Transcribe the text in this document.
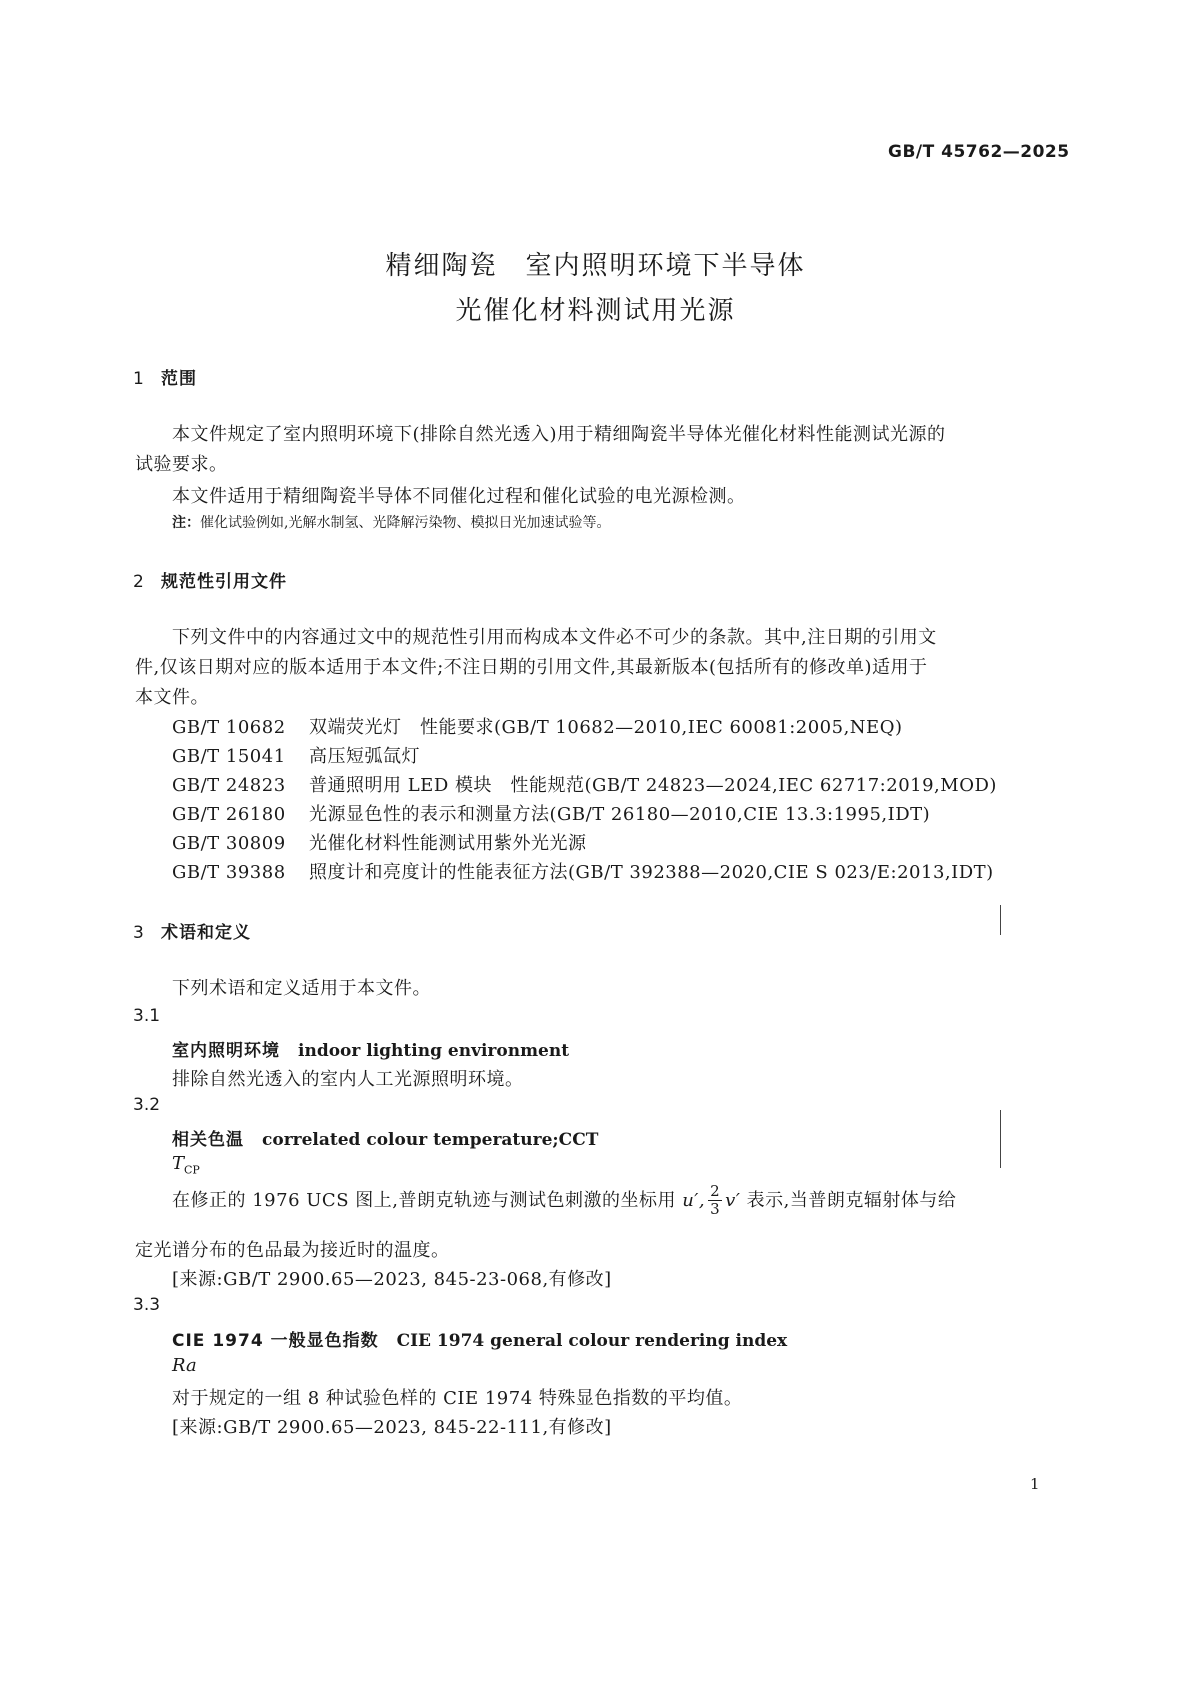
GB/T 45762—2025
精细陶瓷　室内照明环境下半导体
光催化材料测试用光源
1 范围
本文件规定了室内照明环境下(排除自然光透入)用于精细陶瓷半导体光催化材料性能测试光源的
试验要求。
本文件适用于精细陶瓷半导体不同催化过程和催化试验的电光源检测。
注：催化试验例如,光解水制氢、光降解污染物、模拟日光加速试验等。
2 规范性引用文件
下列文件中的内容通过文中的规范性引用而构成本文件必不可少的条款。其中,注日期的引用文
件,仅该日期对应的版本适用于本文件;不注日期的引用文件,其最新版本(包括所有的修改单)适用于
本文件。
GB/T 10682 双端荧光灯　性能要求(GB/T 10682—2010,IEC 60081:2005,NEQ)
GB/T 15041 高压短弧氙灯
GB/T 24823 普通照明用 LED 模块　性能规范(GB/T 24823—2024,IEC 62717:2019,MOD)
GB/T 26180 光源显色性的表示和测量方法(GB/T 26180—2010,CIE 13.3:1995,IDT)
GB/T 30809 光催化材料性能测试用紫外光光源
GB/T 39388 照度计和亮度计的性能表征方法(GB/T 392388—2020,CIE S 023/E:2013,IDT)
3 术语和定义
下列术语和定义适用于本文件。
3.1
室内照明环境 indoor lighting environment
排除自然光透入的室内人工光源照明环境。
3.2
相关色温 correlated colour temperature;CCT
$T_{CP}$
在修正的 1976 UCS 图上,普朗克轨迹与测试色刺激的坐标用 u′, $\frac{2}{3} v'$ 表示,当普朗克辐射体与给
定光谱分布的色品最为接近时的温度。
[来源:GB/T 2900.65—2023, 845-23-068,有修改]
3.3
CIE 1974 一般显色指数 CIE 1974 general colour rendering index
Ra
对于规定的一组 8 种试验色样的 CIE 1974 特殊显色指数的平均值。
[来源:GB/T 2900.65—2023, 845-22-111,有修改]
1
